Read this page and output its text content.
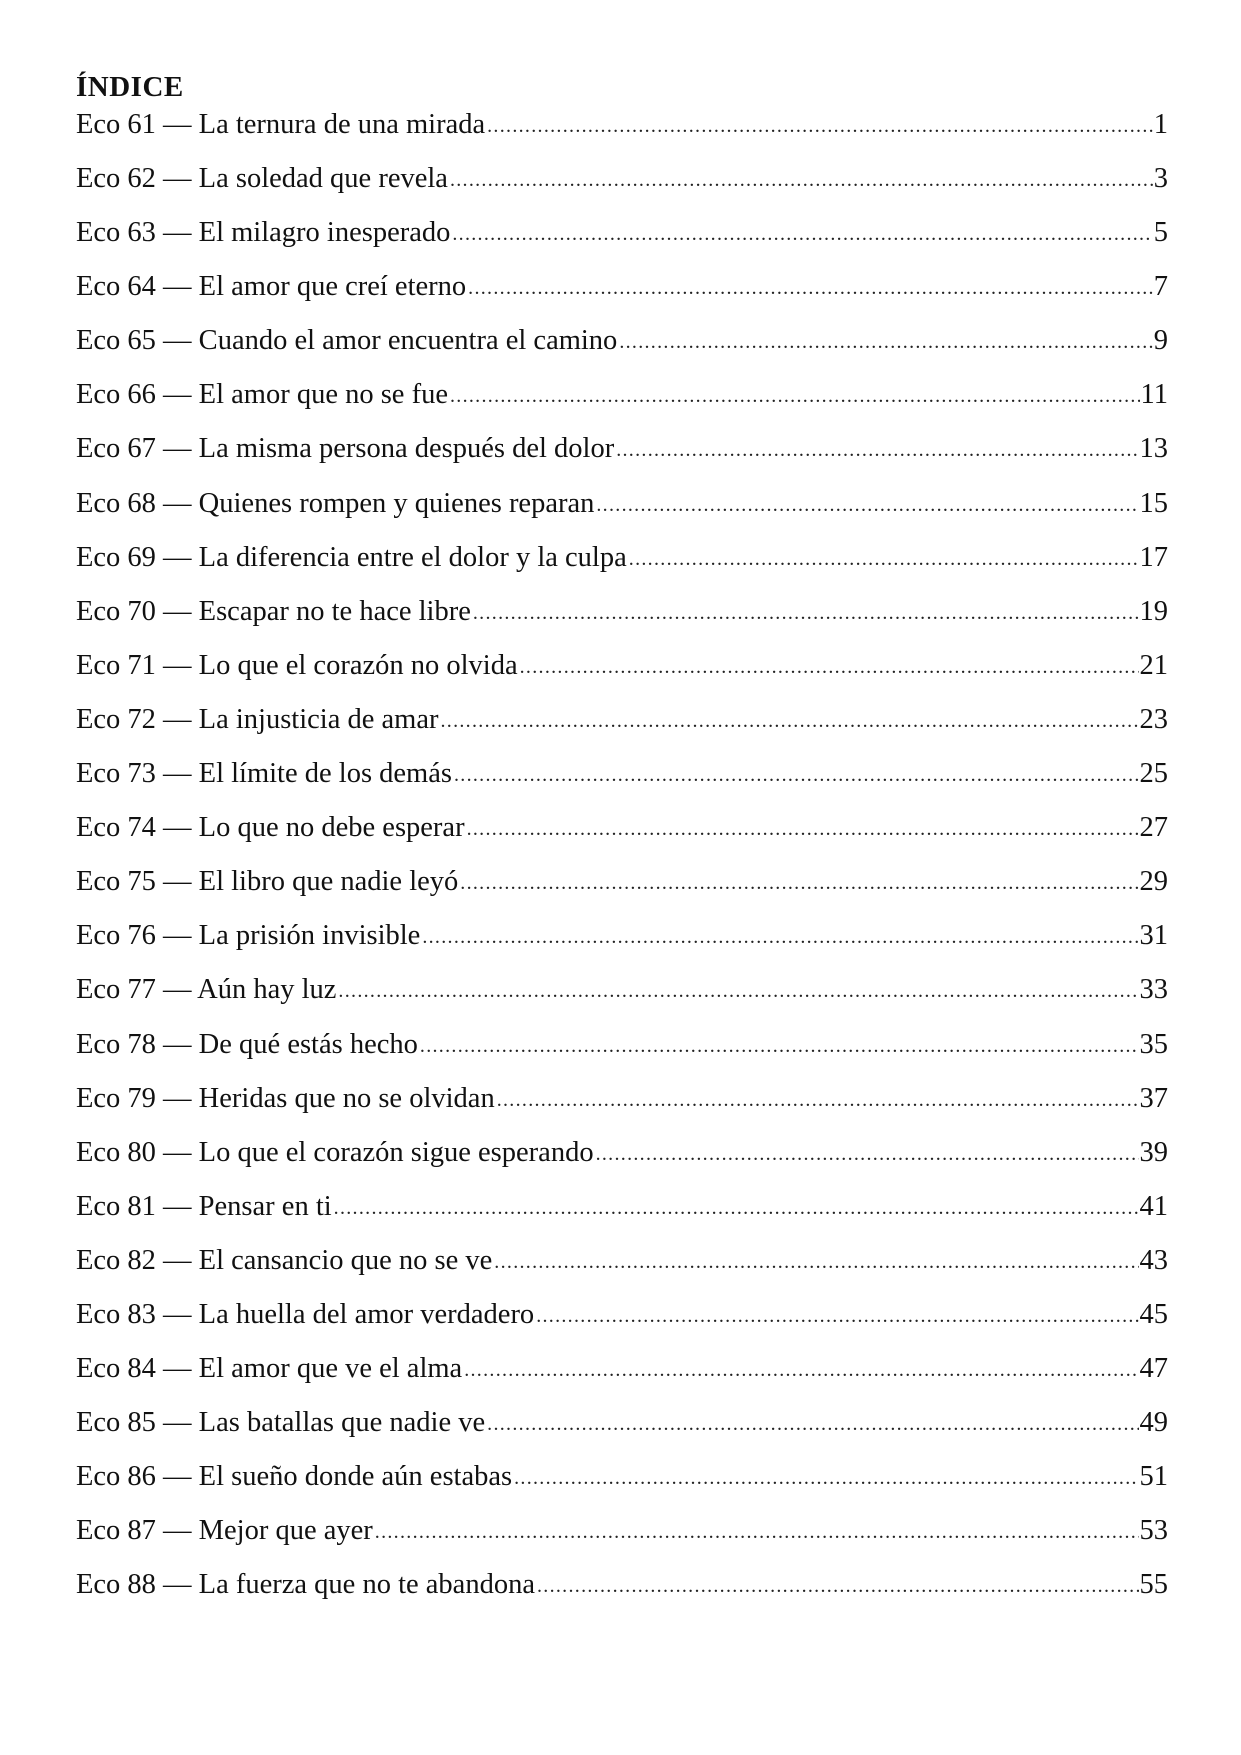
ÍNDICE
Eco 61 — La ternura de una mirada .....	1
Eco 62 — La soledad que revela .....	3
Eco 63 — El milagro inesperado .....	5
Eco 64 — El amor que creí eterno .....	7
Eco 65 — Cuando el amor encuentra el camino .....	9
Eco 66 — El amor que no se fue .....	11
Eco 67 — La misma persona después del dolor .....	13
Eco 68 — Quienes rompen y quienes reparan .....	15
Eco 69 — La diferencia entre el dolor y la culpa .....	17
Eco 70 — Escapar no te hace libre .....	19
Eco 71 — Lo que el corazón no olvida .....	21
Eco 72 — La injusticia de amar .....	23
Eco 73 — El límite de los demás .....	25
Eco 74 — Lo que no debe esperar .....	27
Eco 75 — El libro que nadie leyó .....	29
Eco 76 — La prisión invisible .....	31
Eco 77 — Aún hay luz .....	33
Eco 78 — De qué estás hecho .....	35
Eco 79 — Heridas que no se olvidan .....	37
Eco 80 — Lo que el corazón sigue esperando .....	39
Eco 81 — Pensar en ti .....	41
Eco 82 — El cansancio que no se ve .....	43
Eco 83 — La huella del amor verdadero .....	45
Eco 84 — El amor que ve el alma .....	47
Eco 85 — Las batallas que nadie ve .....	49
Eco 86 — El sueño donde aún estabas .....	51
Eco 87 — Mejor que ayer .....	53
Eco 88 — La fuerza que no te abandona .....	55
